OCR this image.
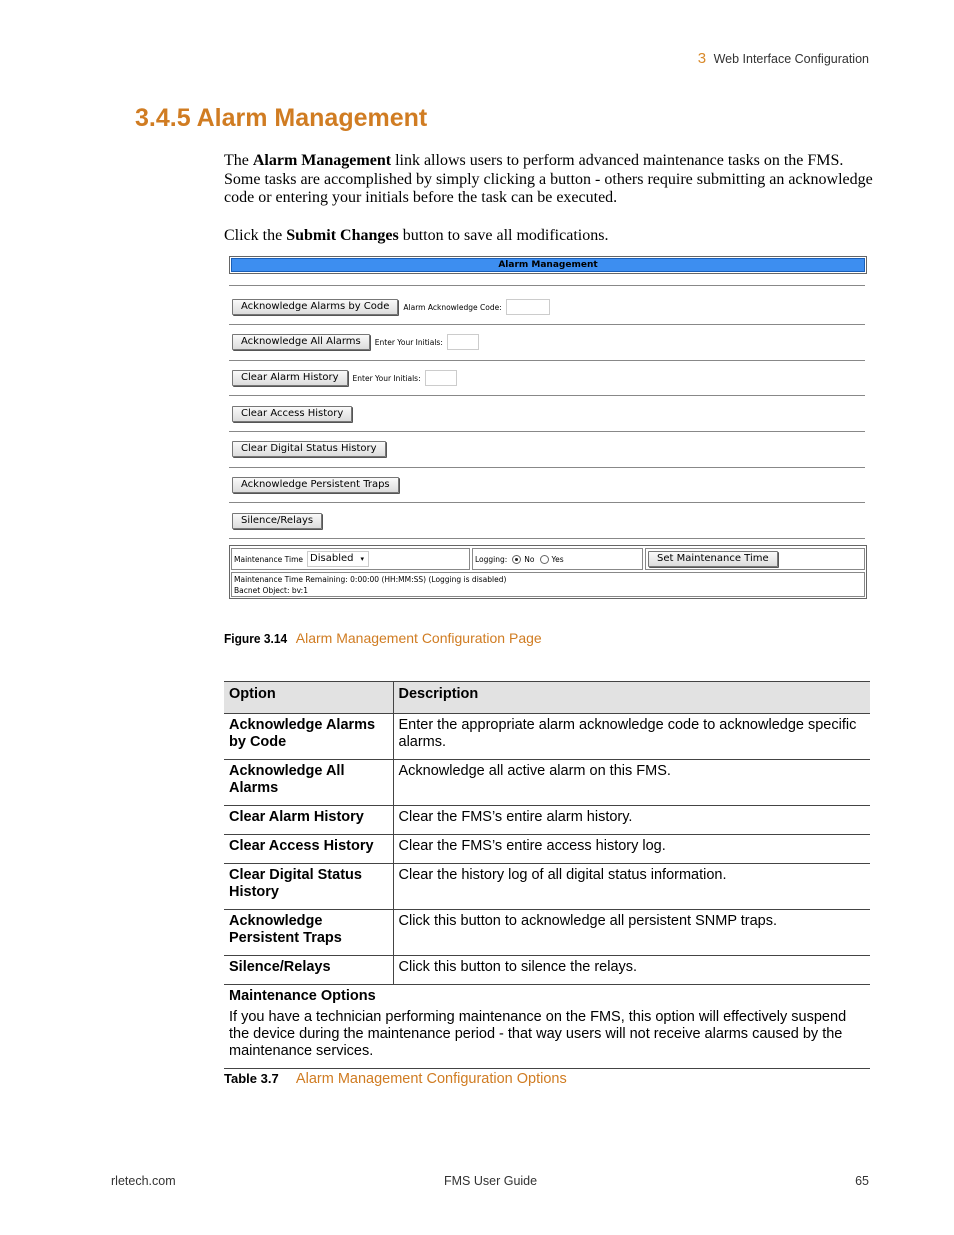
3 Web Interface Configuration
3.4.5 Alarm Management
The Alarm Management link allows users to perform advanced maintenance tasks on the FMS. Some tasks are accomplished by simply clicking a button - others require submitting an acknowledge code or entering your initials before the task can be executed.
Click the Submit Changes button to save all modifications.
Alarm Management
Acknowledge Alarms by Code	Alarm Acknowledge Code:
Acknowledge All Alarms	Enter Your Initials:
Clear Alarm History	Enter Your Initials:
Clear Access History
Clear Digital Status History
Acknowledge Persistent Traps
Silence/Relays
Maintenance Time Disabled ▾	Logging: No Yes	Set Maintenance Time
Maintenance Time Remaining: 0:00:00 (HH:MM:SS) (Logging is disabled)
Bacnet Object: bv:1
Figure 3.14 Alarm Management Configuration Page
Option	Description
Acknowledge Alarms by Code	Enter the appropriate alarm acknowledge code to acknowledge specific alarms.
Acknowledge All Alarms	Acknowledge all active alarm on this FMS.
Clear Alarm History	Clear the FMS’s entire alarm history.
Clear Access History	Clear the FMS’s entire access history log.
Clear Digital Status History	Clear the history log of all digital status information.
Acknowledge Persistent Traps	Click this button to acknowledge all persistent SNMP traps.
Silence/Relays	Click this button to silence the relays.

Maintenance Options
If you have a technician performing maintenance on the FMS, this option will effectively suspend the device during the maintenance period - that way users will not receive alarms caused by the maintenance services.	
Table 3.7 Alarm Management Configuration Options
rletech.com	FMS User Guide	65
